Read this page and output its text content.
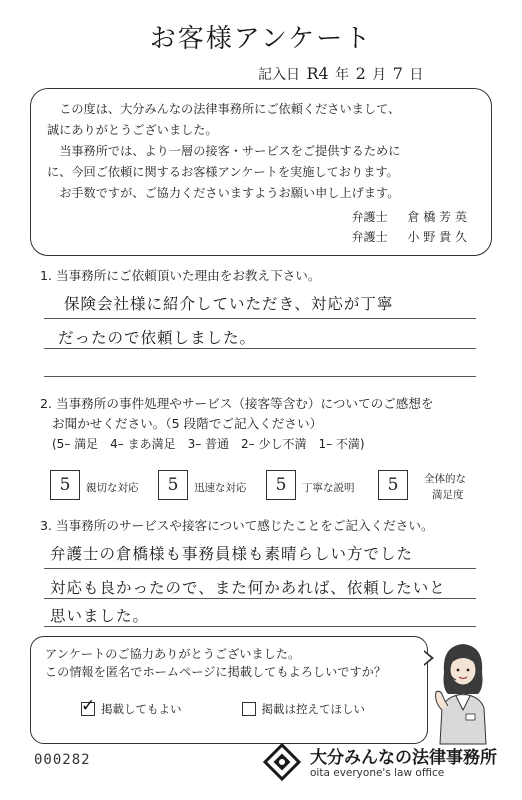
お客様アンケート
記入日 R4 年 2 月 7 日

この度は、大分みんなの法律事務所にご依頼くださいまして、

誠にありがとうございました。

当事務所では、より一層の接客・サービスをご提供するために

に、今回ご依頼に関するお客様アンケートを実施しております。

お手数ですが、ご協力くださいますようお願い申し上げます。

弁護士 倉 橋 芳 英
弁護士 小 野 貴 久
1. 当事務所にご依頼頂いた理由をお教え下さい。
保険会社様に紹介していただき、対応が丁寧
だったので依頼しました。
2. 当事務所の事件処理やサービス（接客等含む）についてのご感想を
お聞かせください。（5 段階でご記入ください）
(5– 満足　4– まあ満足　3– 普通　2– 少し不満　1– 不満)
5	親切な対応	5	迅速な対応	5	丁寧な説明	5	全体的な
満足度
3. 当事務所のサービスや接客について感じたことをご記入ください。
弁護士の倉橋様も事務員様も素晴らしい方でした
対応も良かったので、また何かあれば、依頼したいと
思いました。
アンケートのご協力ありがとうございました。
この情報を匿名でホームページに掲載してもよろしいですか？
✓ 掲載してもよい	掲載は控えてほしい
000282	大分みんなの法律事務所
oita everyone's law office
